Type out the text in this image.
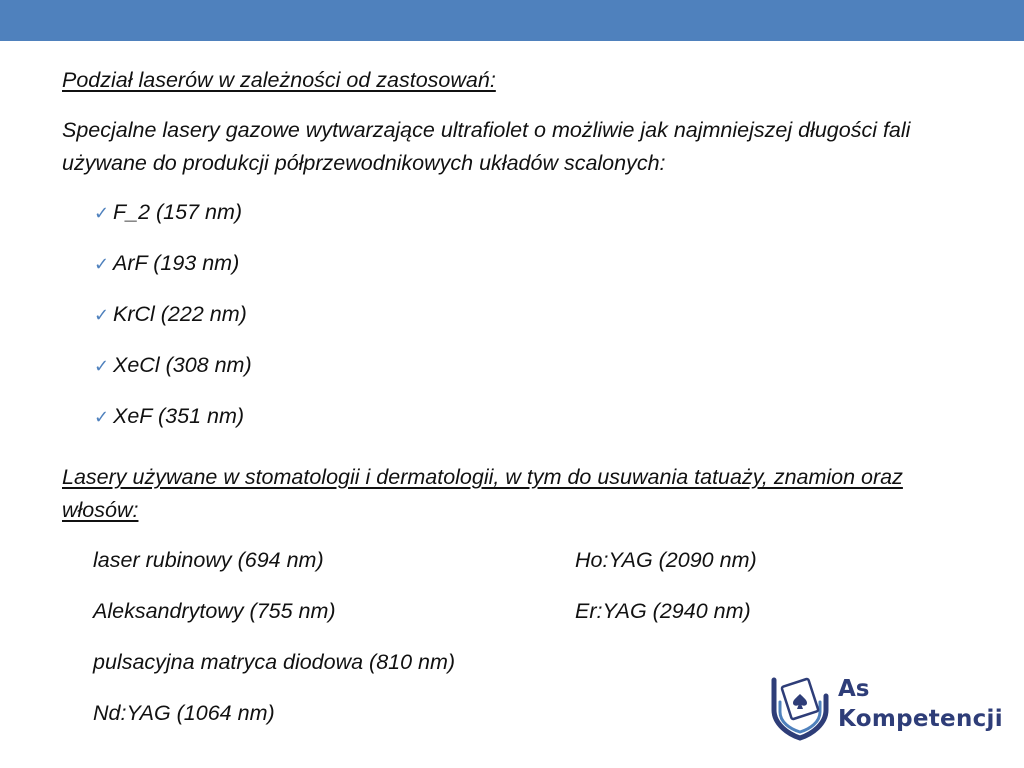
Podział laserów w zależności od zastosowań:

Specjalne lasery gazowe wytwarzające ultrafiolet o możliwie jak najmniejszej długości fali używane do produkcji półprzewodnikowych układów scalonych:

✓ F_2 (157 nm)
✓ ArF (193 nm)
✓ KrCl (222 nm)
✓ XeCl (308 nm)
✓ XeF (351 nm)

Lasery używane w stomatologii i dermatologii, w tym do usuwania tatuaży, znamion oraz włosów:

laser rubinowy (694 nm)	Ho:YAG (2090 nm)
Aleksandrytowy (755 nm)	Er:YAG (2940 nm)
pulsacyjna matryca diodowa (810 nm)
Nd:YAG (1064 nm)
As
Kompetencji
